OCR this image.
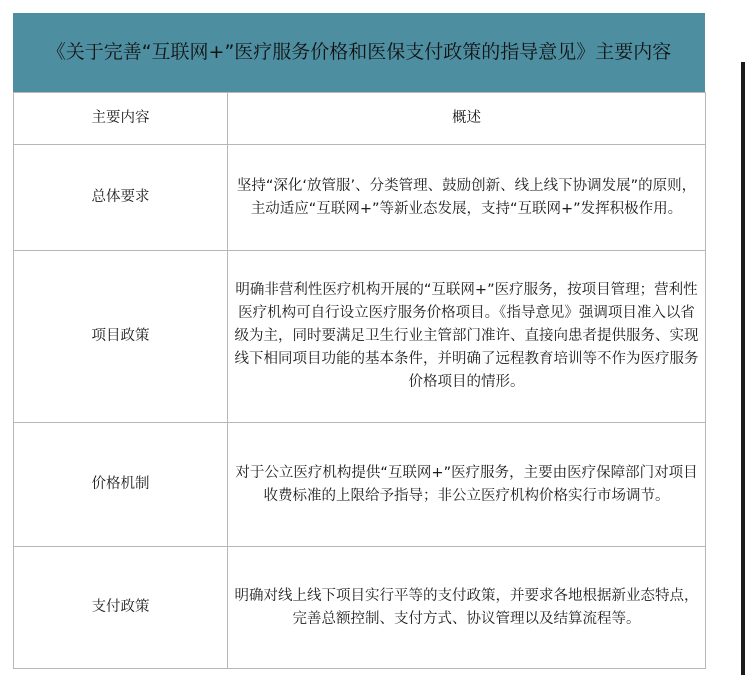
《关于完善“互联网+”医疗服务价格和医保支付政策的指导意见》主要内容
主要内容	概述
总体要求	坚持“深化‘放管服’、分类管理、鼓励创新、线上线下协调发展”的原则，主动适应“互联网+”等新业态发展，支持“互联网+”发挥积极作用。
项目政策	明确非营利性医疗机构开展的“互联网+”医疗服务，按项目管理；营利性医疗机构可自行设立医疗服务价格项目。《指导意见》强调项目准入以省级为主，同时要满足卫生行业主管部门准许、直接向患者提供服务、实现线下相同项目功能的基本条件，并明确了远程教育培训等不作为医疗服务价格项目的情形。
价格机制	对于公立医疗机构提供“互联网+”医疗服务，主要由医疗保障部门对项目收费标准的上限给予指导；非公立医疗机构价格实行市场调节。
支付政策	明确对线上线下项目实行平等的支付政策，并要求各地根据新业态特点，完善总额控制、支付方式、协议管理以及结算流程等。
